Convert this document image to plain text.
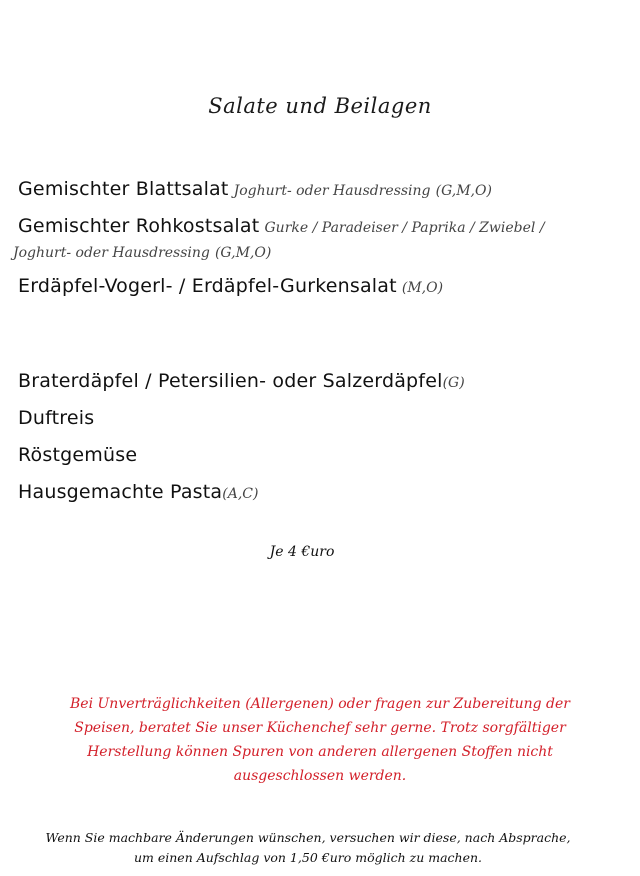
Salate und Beilagen
Gemischter Blattsalat Joghurt- oder Hausdressing (G,M,O)
Gemischter Rohkostsalat Gurke / Paradeiser / Paprika / Zwiebel /
Joghurt- oder Hausdressing (G,M,O)
Erdäpfel-Vogerl- / Erdäpfel-Gurkensalat (M,O)
Braterdäpfel / Petersilien- oder Salzerdäpfel(G)
Duftreis
Röstgemüse
Hausgemachte Pasta(A,C)
Je 4 €uro
Bei Unverträglichkeiten (Allergenen) oder fragen zur Zubereitung der
Speisen, beratet Sie unser Küchenchef sehr gerne. Trotz sorgfältiger
Herstellung können Spuren von anderen allergenen Stoffen nicht
ausgeschlossen werden.
Wenn Sie machbare Änderungen wünschen, versuchen wir diese, nach Absprache,
um einen Aufschlag von 1,50 €uro möglich zu machen.
